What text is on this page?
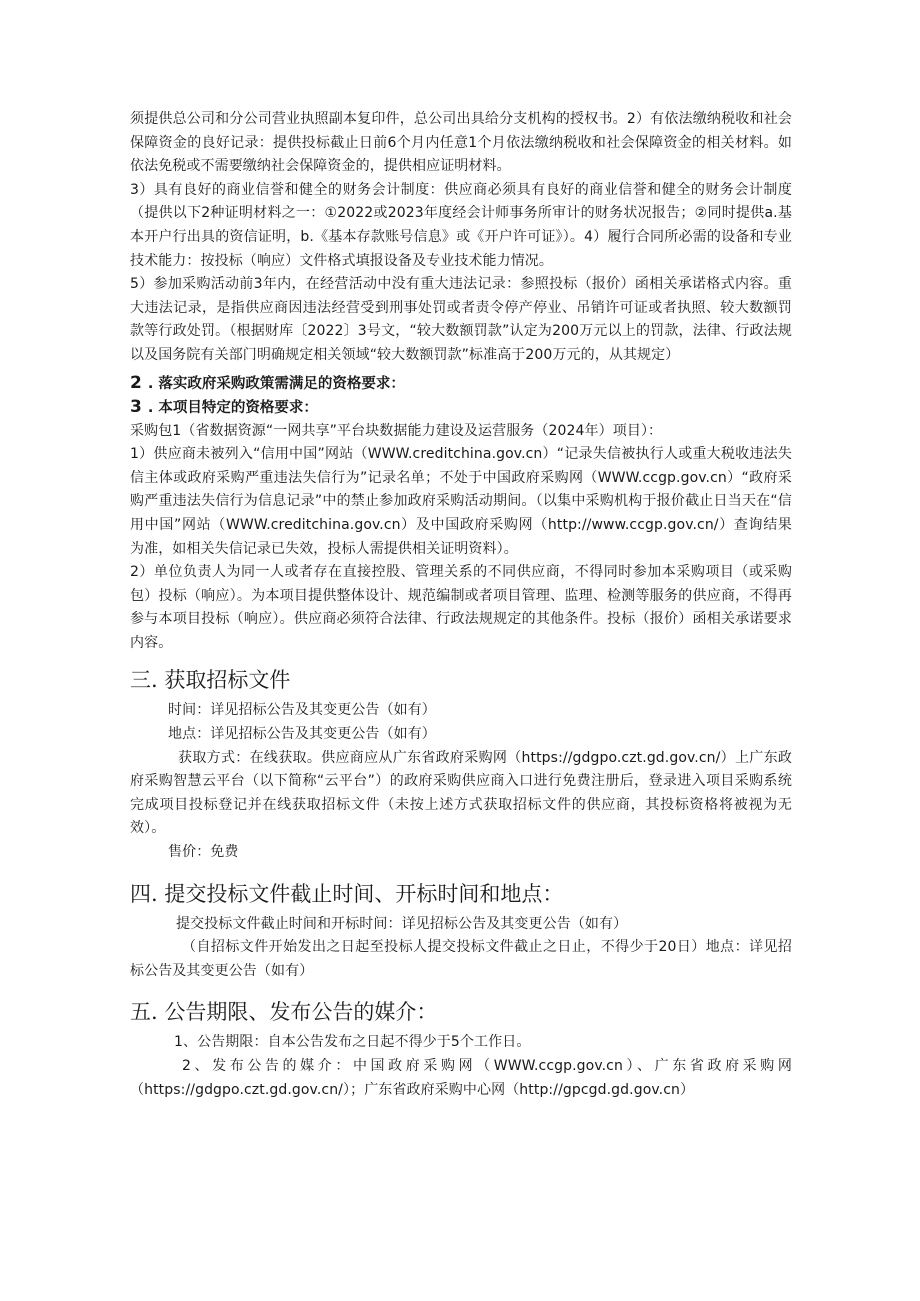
须提供总公司和分公司营业执照副本复印件，总公司出具给分支机构的授权书。2）有依法缴纳税收和社会保障资金的良好记录：提供投标截止日前6个月内任意1个月依法缴纳税收和社会保障资金的相关材料。如依法免税或不需要缴纳社会保障资金的，提供相应证明材料。

3）具有良好的商业信誉和健全的财务会计制度：供应商必须具有良好的商业信誉和健全的财务会计制度（提供以下2种证明材料之一：①2022或2023年度经会计师事务所审计的财务状况报告；②同时提供a.基本开户行出具的资信证明，b.《基本存款账号信息》或《开户许可证》）。4）履行合同所必需的设备和专业技术能力：按投标（响应）文件格式填报设备及专业技术能力情况。

5）参加采购活动前3年内，在经营活动中没有重大违法记录：参照投标（报价）函相关承诺格式内容。重大违法记录，是指供应商因违法经营受到刑事处罚或者责令停产停业、吊销许可证或者执照、较大数额罚款等行政处罚。（根据财库〔2022〕3号文，“较大数额罚款”认定为200万元以上的罚款，法律、行政法规以及国务院有关部门明确规定相关领域“较大数额罚款”标准高于200万元的，从其规定）

2 . 落实政府采购政策需满足的资格要求：

3 . 本项目特定的资格要求：

采购包1（省数据资源“一网共享”平台块数据能力建设及运营服务（2024年）项目）：

1）供应商未被列入“信用中国”网站（WWW.creditchina.gov.cn）“记录失信被执行人或重大税收违法失信主体或政府采购严重违法失信行为”记录名单；不处于中国政府采购网（WWW.ccgp.gov.cn）“政府采购严重违法失信行为信息记录”中的禁止参加政府采购活动期间。（以集中采购机构于报价截止日当天在“信用中国”网站（WWW.creditchina.gov.cn）及中国政府采购网（http://www.ccgp.gov.cn/）查询结果为准，如相关失信记录已失效，投标人需提供相关证明资料）。

2）单位负责人为同一人或者存在直接控股、管理关系的不同供应商，不得同时参加本采购项目（或采购包）投标（响应）。为本项目提供整体设计、规范编制或者项目管理、监理、检测等服务的供应商，不得再参与本项目投标（响应）。供应商必须符合法律、行政法规规定的其他条件。投标（报价）函相关承诺要求内容。

三. 获取招标文件

时间：详见招标公告及其变更公告（如有）

地点：详见招标公告及其变更公告（如有）

获取方式：在线获取。供应商应从广东省政府采购网（https://gdgpo.czt.gd.gov.cn/）上广东政府采购智慧云平台（以下简称“云平台”）的政府采购供应商入口进行免费注册后，登录进入项目采购系统完成项目投标登记并在线获取招标文件（未按上述方式获取招标文件的供应商，其投标资格将被视为无效）。

售价：免费

四. 提交投标文件截止时间、开标时间和地点：

提交投标文件截止时间和开标时间：详见招标公告及其变更公告（如有）

（自招标文件开始发出之日起至投标人提交投标文件截止之日止，不得少于20日）地点：详见招标公告及其变更公告（如有）

五. 公告期限、发布公告的媒介：

1、公告期限：自本公告发布之日起不得少于5个工作日。

2、发布公告的媒介：中国政府采购网（WWW.ccgp.gov.cn）、广东省政府采购网（https://gdgpo.czt.gd.gov.cn/）；广东省政府采购中心网（http://gpcgd.gd.gov.cn）
